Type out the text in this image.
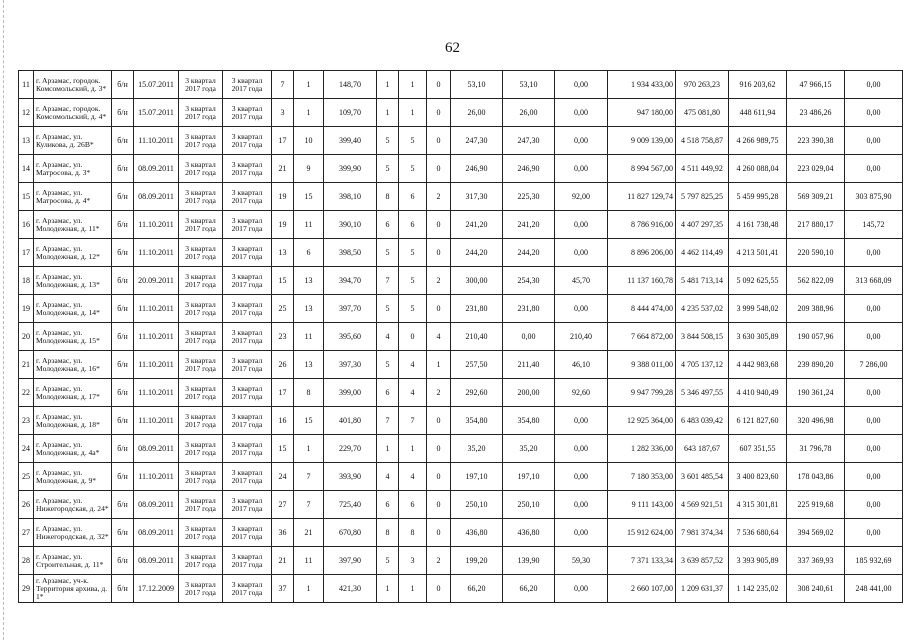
62
11	г. Арзамас, городок. Комсомольский, д. 3*	б/н	15.07.2011	3 квартал 2017 года	3 квартал 2017 года	7	1	148,70	1	1	0	53,10	53,10	0,00	1 934 433,00	970 263,23	916 203,62	47 966,15	0,00
12	г. Арзамас, городок. Комсомольский, д. 4*	б/н	15.07.2011	3 квартал 2017 года	3 квартал 2017 года	3	1	109,70	1	1	0	26,00	26,00	0,00	947 180,00	475 081,80	448 611,94	23 486,26	0,00
13	г. Арзамас, ул. Куликова, д. 26В*	б/н	11.10.2011	3 квартал 2017 года	3 квартал 2017 года	17	10	399,40	5	5	0	247,30	247,30	0,00	9 009 139,00	4 518 758,87	4 266 989,75	223 390,38	0,00
14	г. Арзамас, ул. Матросова, д. 3*	б/н	08.09.2011	3 квартал 2017 года	3 квартал 2017 года	21	9	399,90	5	5	0	246,90	246,90	0,00	8 994 567,00	4 511 449,92	4 260 088,04	223 029,04	0,00
15	г. Арзамас, ул. Матросова, д. 4*	б/н	08.09.2011	3 квартал 2017 года	3 квартал 2017 года	19	15	398,10	8	6	2	317,30	225,30	92,00	11 827 129,74	5 797 825,25	5 459 995,28	569 309,21	303 875,90
16	г. Арзамас, ул. Молодежная, д. 11*	б/н	11.10.2011	3 квартал 2017 года	3 квартал 2017 года	19	11	390,10	6	6	0	241,20	241,20	0,00	8 786 916,00	4 407 297,35	4 161 738,48	217 880,17	145,72
17	г. Арзамас, ул. Молодежная, д. 12*	б/н	11.10.2011	3 квартал 2017 года	3 квартал 2017 года	13	6	398,50	5	5	0	244,20	244,20	0,00	8 896 206,00	4 462 114,49	4 213 501,41	220 590,10	0,00
18	г. Арзамас, ул. Молодежная, д. 13*	б/н	20.09.2011	3 квартал 2017 года	3 квартал 2017 года	15	13	394,70	7	5	2	300,00	254,30	45,70	11 137 160,78	5 481 713,14	5 092 625,55	562 822,09	313 668,09
19	г. Арзамас, ул. Молодежная, д. 14*	б/н	11.10.2011	3 квартал 2017 года	3 квартал 2017 года	25	13	397,70	5	5	0	231,80	231,80	0,00	8 444 474,00	4 235 537,02	3 999 548,02	209 388,96	0,00
20	г. Арзамас, ул. Молодежная, д. 15*	б/н	11.10.2011	3 квартал 2017 года	3 квартал 2017 года	23	11	395,60	4	0	4	210,40	0,00	210,40	7 664 872,00	3 844 508,15	3 630 305,89	190 057,96	0,00
21	г. Арзамас, ул. Молодежная, д. 16*	б/н	11.10.2011	3 квартал 2017 года	3 квартал 2017 года	26	13	397,30	5	4	1	257,50	211,40	46,10	9 388 011,00	4 705 137,12	4 442 983,68	239 890,20	7 286,00
22	г. Арзамас, ул. Молодежная, д. 17*	б/н	11.10.2011	3 квартал 2017 года	3 квартал 2017 года	17	8	399,00	6	4	2	292,60	200,00	92,60	9 947 799,28	5 346 497,55	4 410 940,49	190 361,24	0,00
23	г. Арзамас, ул. Молодежная, д. 18*	б/н	11.10.2011	3 квартал 2017 года	3 квартал 2017 года	16	15	401,80	7	7	0	354,80	354,80	0,00	12 925 364,00	6 483 039,42	6 121 827,60	320 496,98	0,00
24	г. Арзамас, ул. Молодежная, д. 4а*	б/н	08.09.2011	3 квартал 2017 года	3 квартал 2017 года	15	1	229,70	1	1	0	35,20	35,20	0,00	1 282 336,00	643 187,67	607 351,55	31 796,78	0,00
25	г. Арзамас, ул. Молодежная, д. 9*	б/н	11.10.2011	3 квартал 2017 года	3 квартал 2017 года	24	7	393,90	4	4	0	197,10	197,10	0,00	7 180 353,00	3 601 485,54	3 400 823,60	178 043,86	0,00
26	г. Арзамас, ул. Нижегородская, д. 24*	б/н	08.09.2011	3 квартал 2017 года	3 квартал 2017 года	27	7	725,40	6	6	0	250,10	250,10	0,00	9 111 143,00	4 569 921,51	4 315 301,81	225 919,68	0,00
27	г. Арзамас, ул. Нижегородская, д. 32*	б/н	08.09.2011	3 квартал 2017 года	3 квартал 2017 года	36	21	670,80	8	8	0	436,80	436,80	0,00	15 912 624,00	7 981 374,34	7 536 680,64	394 569,02	0,00
28	г. Арзамас, ул. Строительная, д. 11*	б/н	08.09.2011	3 квартал 2017 года	3 квартал 2017 года	21	11	397,90	5	3	2	199,20	139,90	59,30	7 371 133,34	3 639 857,52	3 393 905,89	337 369,93	185 932,69
29	г. Арзамас, уч-к. Территория архива, д. 1*	б/н	17.12.2009	3 квартал 2017 года	3 квартал 2017 года	37	1	421,30	1	1	0	66,20	66,20	0,00	2 660 107,00	1 209 631,37	1 142 235,02	308 240,61	248 441,00
